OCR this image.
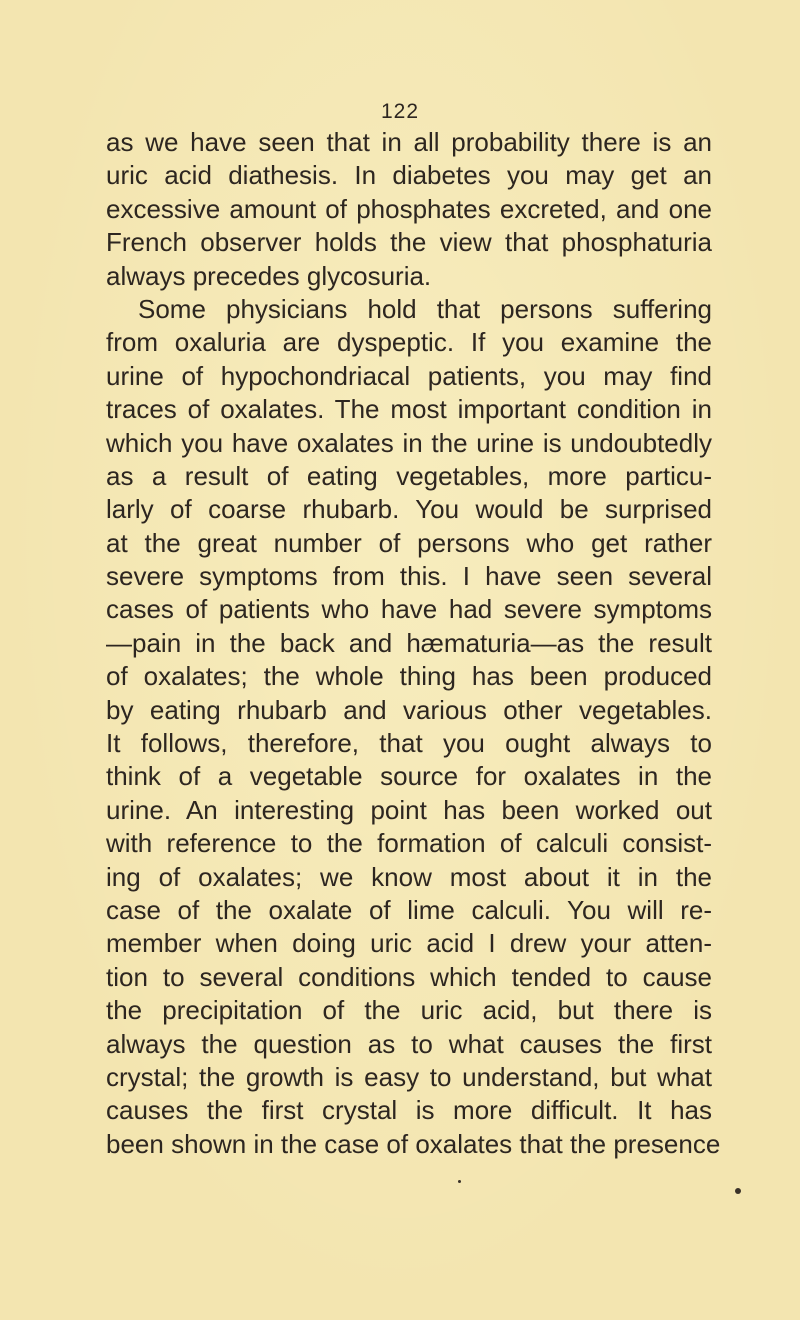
122
as we have seen that in all probability there is an
uric acid diathesis. In diabetes you may get an
excessive amount of phosphates excreted, and one
French observer holds the view that phosphaturia
always precedes glycosuria.
Some physicians hold that persons suffering
from oxaluria are dyspeptic. If you examine the
urine of hypochondriacal patients, you may find
traces of oxalates. The most important condition in
which you have oxalates in the urine is undoubtedly
as a result of eating vegetables, more particu-
larly of coarse rhubarb. You would be surprised
at the great number of persons who get rather
severe symptoms from this. I have seen several
cases of patients who have had severe symptoms
—pain in the back and hæmaturia—as the result
of oxalates; the whole thing has been produced
by eating rhubarb and various other vegetables.
It follows, therefore, that you ought always to
think of a vegetable source for oxalates in the
urine. An interesting point has been worked out
with reference to the formation of calculi consist-
ing of oxalates; we know most about it in the
case of the oxalate of lime calculi. You will re-
member when doing uric acid I drew your atten-
tion to several conditions which tended to cause
the precipitation of the uric acid, but there is
always the question as to what causes the first
crystal; the growth is easy to understand, but what
causes the first crystal is more difficult. It has
been shown in the case of oxalates that the presence
